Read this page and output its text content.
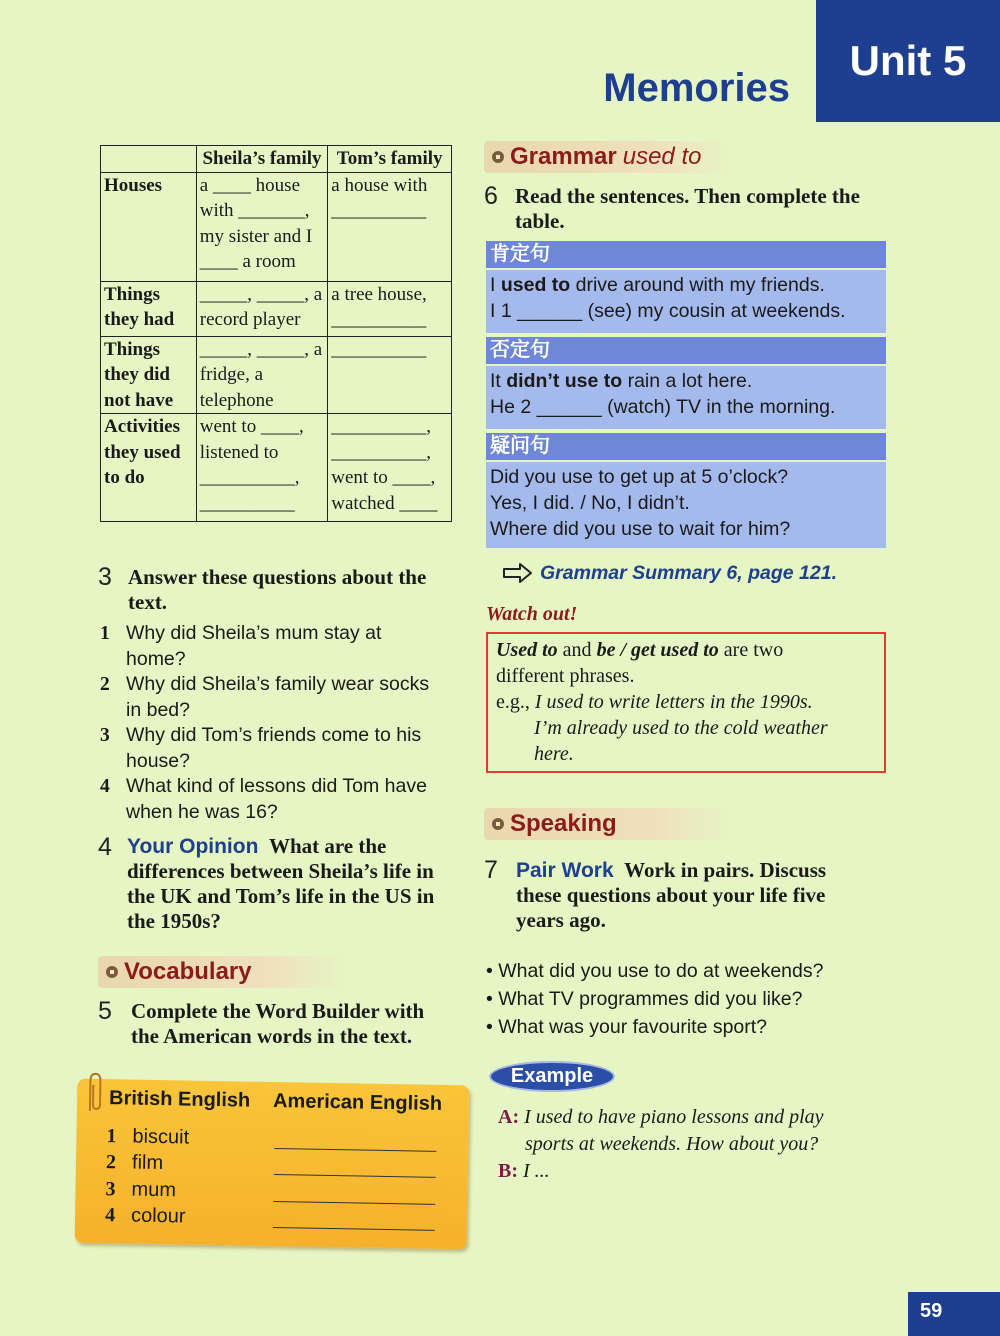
Unit 5
Memories
	Sheila’s family	Tom’s family
Houses	a ____ house with _______, my sister and I ____ a room	a house with __________
Things they had	_____, _____, a record player	a tree house, __________
Things they did not have	_____, _____, a fridge, a telephone	__________
Activities they used to do	went to ____, listened to __________, __________	__________, __________, went to ____, watched ____
3 Answer these questions about the text.
1 Why did Sheila’s mum stay at home?
2 Why did Sheila’s family wear socks in bed?
3 Why did Tom’s friends come to his house?
4 What kind of lessons did Tom have when he was 16?
4 Your Opinion What are the differences between Sheila’s life in the UK and Tom’s life in the US in the 1950s?
Vocabulary
5 Complete the Word Builder with the American words in the text.
British English American English
1 biscuit
2 film
3 mum
4 colour
Grammar used to
6 Read the sentences. Then complete the table.
肯定句
I used to drive around with my friends.
I 1 ______ (see) my cousin at weekends.
否定句
It didn’t use to rain a lot here.
He 2 ______ (watch) TV in the morning.
疑问句
Did you use to get up at 5 o’clock?
Yes, I did. / No, I didn’t.
Where did you use to wait for him?
Grammar Summary 6, page 121.
Watch out!
Used to and be / get used to are two
different phrases.
e.g., I used to write letters in the 1990s.
I’m already used to the cold weather
here.
Speaking
7 Pair Work Work in pairs. Discuss
these questions about your life five
years ago.
• What did you use to do at weekends?
• What TV programmes did you like?
• What was your favourite sport?
Example
A: I used to have piano lessons and play
sports at weekends. How about you?
B: I ...
59
